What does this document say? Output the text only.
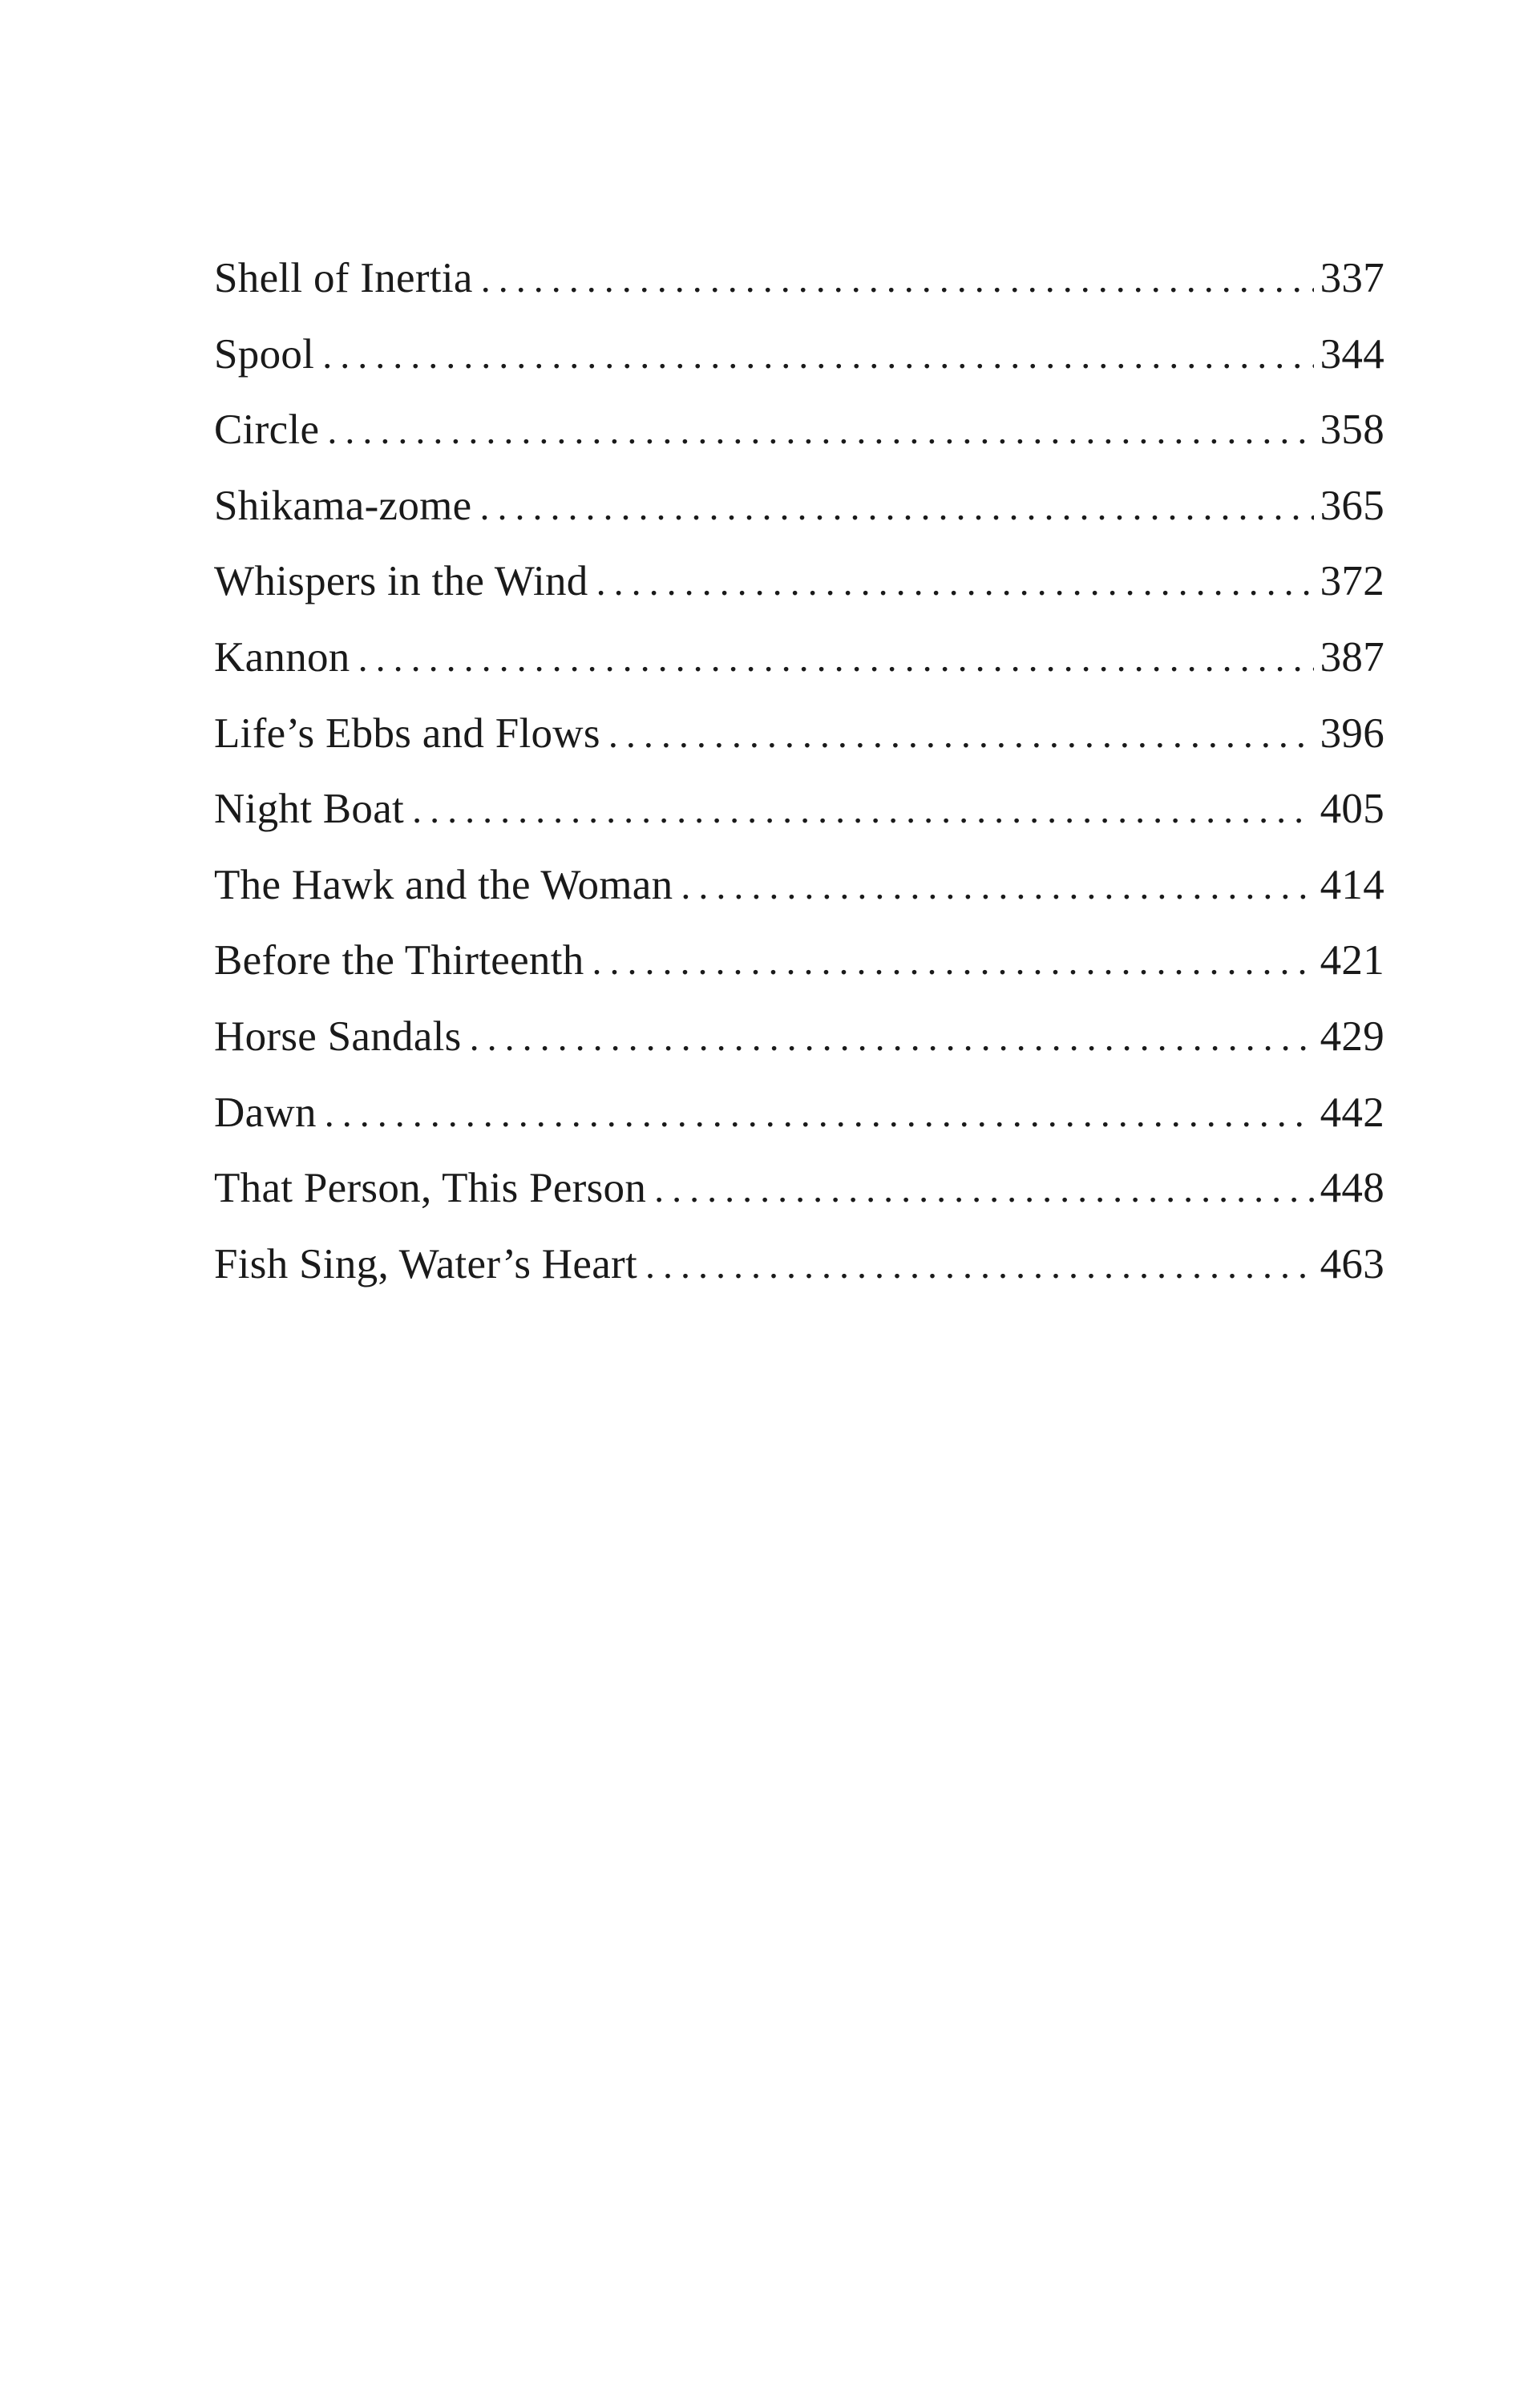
Shell of Inertia . . .	337
Spool . . .	344
Circle . . .	358
Shikama-zome . . .	365
Whispers in the Wind . . .	372
Kannon . . .	387
Life’s Ebbs and Flows . . .	396
Night Boat . . .	405
The Hawk and the Woman . . .	414
Before the Thirteenth . . .	421
Horse Sandals . . .	429
Dawn . . .	442
That Person, This Person . . .	448
Fish Sing, Water’s Heart . . .	463
